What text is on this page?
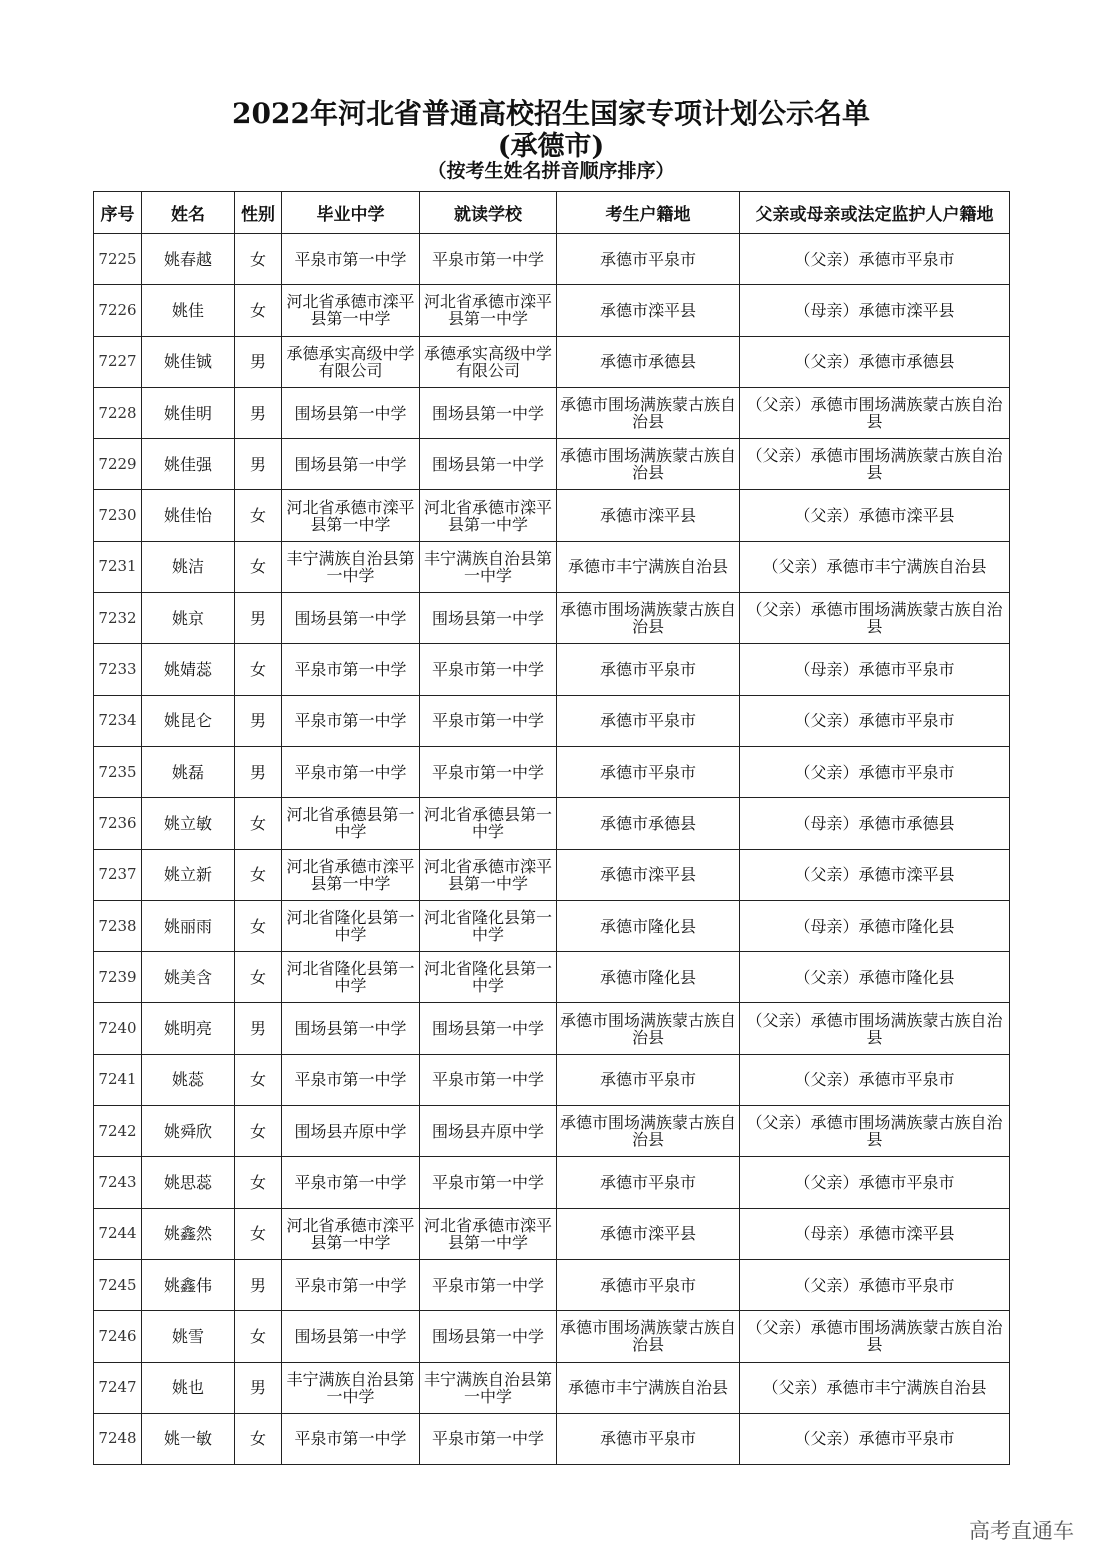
2022年河北省普通高校招生国家专项计划公示名单
(承德市)
（按考生姓名拼音顺序排序）
序号	姓名	性别	毕业中学	就读学校	考生户籍地	父亲或母亲或法定监护人户籍地
7225	姚春越	女	平泉市第一中学	平泉市第一中学	承德市平泉市	（父亲）承德市平泉市
7226	姚佳	女	河北省承德市滦平县第一中学	河北省承德市滦平县第一中学	承德市滦平县	（母亲）承德市滦平县
7227	姚佳铖	男	承德承实高级中学有限公司	承德承实高级中学有限公司	承德市承德县	（父亲）承德市承德县
7228	姚佳明	男	围场县第一中学	围场县第一中学	承德市围场满族蒙古族自治县	（父亲）承德市围场满族蒙古族自治县
7229	姚佳强	男	围场县第一中学	围场县第一中学	承德市围场满族蒙古族自治县	（父亲）承德市围场满族蒙古族自治县
7230	姚佳怡	女	河北省承德市滦平县第一中学	河北省承德市滦平县第一中学	承德市滦平县	（父亲）承德市滦平县
7231	姚洁	女	丰宁满族自治县第一中学	丰宁满族自治县第一中学	承德市丰宁满族自治县	（父亲）承德市丰宁满族自治县
7232	姚京	男	围场县第一中学	围场县第一中学	承德市围场满族蒙古族自治县	（父亲）承德市围场满族蒙古族自治县
7233	姚婧蕊	女	平泉市第一中学	平泉市第一中学	承德市平泉市	（母亲）承德市平泉市
7234	姚昆仑	男	平泉市第一中学	平泉市第一中学	承德市平泉市	（父亲）承德市平泉市
7235	姚磊	男	平泉市第一中学	平泉市第一中学	承德市平泉市	（父亲）承德市平泉市
7236	姚立敏	女	河北省承德县第一中学	河北省承德县第一中学	承德市承德县	（母亲）承德市承德县
7237	姚立新	女	河北省承德市滦平县第一中学	河北省承德市滦平县第一中学	承德市滦平县	（父亲）承德市滦平县
7238	姚丽雨	女	河北省隆化县第一中学	河北省隆化县第一中学	承德市隆化县	（母亲）承德市隆化县
7239	姚美含	女	河北省隆化县第一中学	河北省隆化县第一中学	承德市隆化县	（父亲）承德市隆化县
7240	姚明亮	男	围场县第一中学	围场县第一中学	承德市围场满族蒙古族自治县	（父亲）承德市围场满族蒙古族自治县
7241	姚蕊	女	平泉市第一中学	平泉市第一中学	承德市平泉市	（父亲）承德市平泉市
7242	姚舜欣	女	围场县卉原中学	围场县卉原中学	承德市围场满族蒙古族自治县	（父亲）承德市围场满族蒙古族自治县
7243	姚思蕊	女	平泉市第一中学	平泉市第一中学	承德市平泉市	（父亲）承德市平泉市
7244	姚鑫然	女	河北省承德市滦平县第一中学	河北省承德市滦平县第一中学	承德市滦平县	（母亲）承德市滦平县
7245	姚鑫伟	男	平泉市第一中学	平泉市第一中学	承德市平泉市	（父亲）承德市平泉市
7246	姚雪	女	围场县第一中学	围场县第一中学	承德市围场满族蒙古族自治县	（父亲）承德市围场满族蒙古族自治县
7247	姚也	男	丰宁满族自治县第一中学	丰宁满族自治县第一中学	承德市丰宁满族自治县	（父亲）承德市丰宁满族自治县
7248	姚一敏	女	平泉市第一中学	平泉市第一中学	承德市平泉市	（父亲）承德市平泉市
高考直通车
